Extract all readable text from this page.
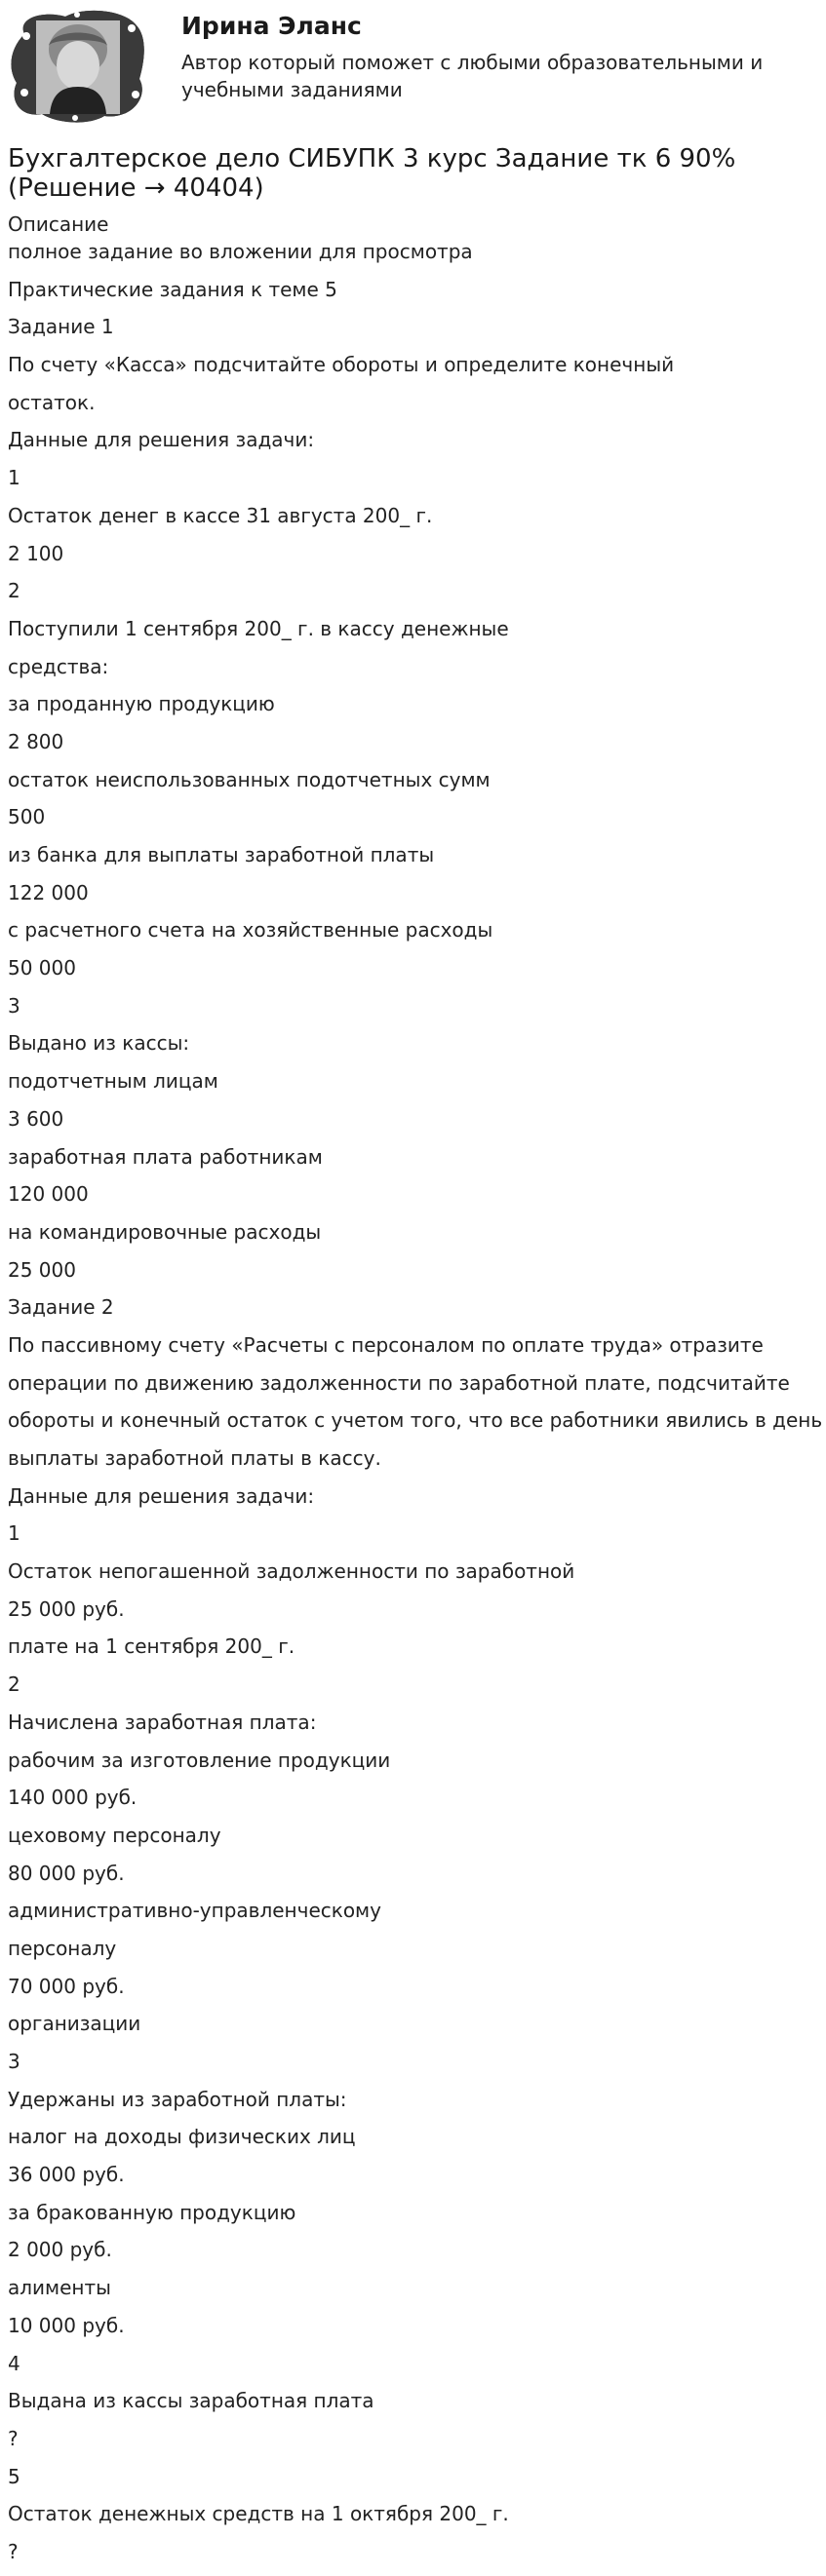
Ирина Эланс
Автор который поможет с любыми образовательными и учебными заданиями
Бухгалтерское дело СИБУПК 3 курс Задание тк 6 90% (Решение → 40404)
Описание
полное задание во вложении для просмотра
Практические задания к теме 5
Задание 1
По счету «Касса» подсчитайте обороты и определите конечный
остаток.
Данные для решения задачи:
1
Остаток денег в кассе 31 августа 200_ г.
2 100
2
Поступили 1 сентября 200_ г. в кассу денежные
средства:
за проданную продукцию
2 800
остаток неиспользованных подотчетных сумм
500
из банка для выплаты заработной платы
122 000
с расчетного счета на хозяйственные расходы
50 000
3
Выдано из кассы:
подотчетным лицам
3 600
заработная плата работникам
120 000
на командировочные расходы
25 000
Задание 2
По пассивному счету «Расчеты с персоналом по оплате труда» отразите
операции по движению задолженности по заработной плате, подсчитайте
обороты и конечный остаток с учетом того, что все работники явились в день
выплаты заработной платы в кассу.
Данные для решения задачи:
1
Остаток непогашенной задолженности по заработной
25 000 руб.
плате на 1 сентября 200_ г.
2
Начислена заработная плата:
рабочим за изготовление продукции
140 000 руб.
цеховому персоналу
80 000 руб.
административно-управленческому
персоналу
70 000 руб.
организации
3
Удержаны из заработной платы:
налог на доходы физических лиц
36 000 руб.
за бракованную продукцию
2 000 руб.
алименты
10 000 руб.
4
Выдана из кассы заработная плата
?
5
Остаток денежных средств на 1 октября 200_ г.
?
